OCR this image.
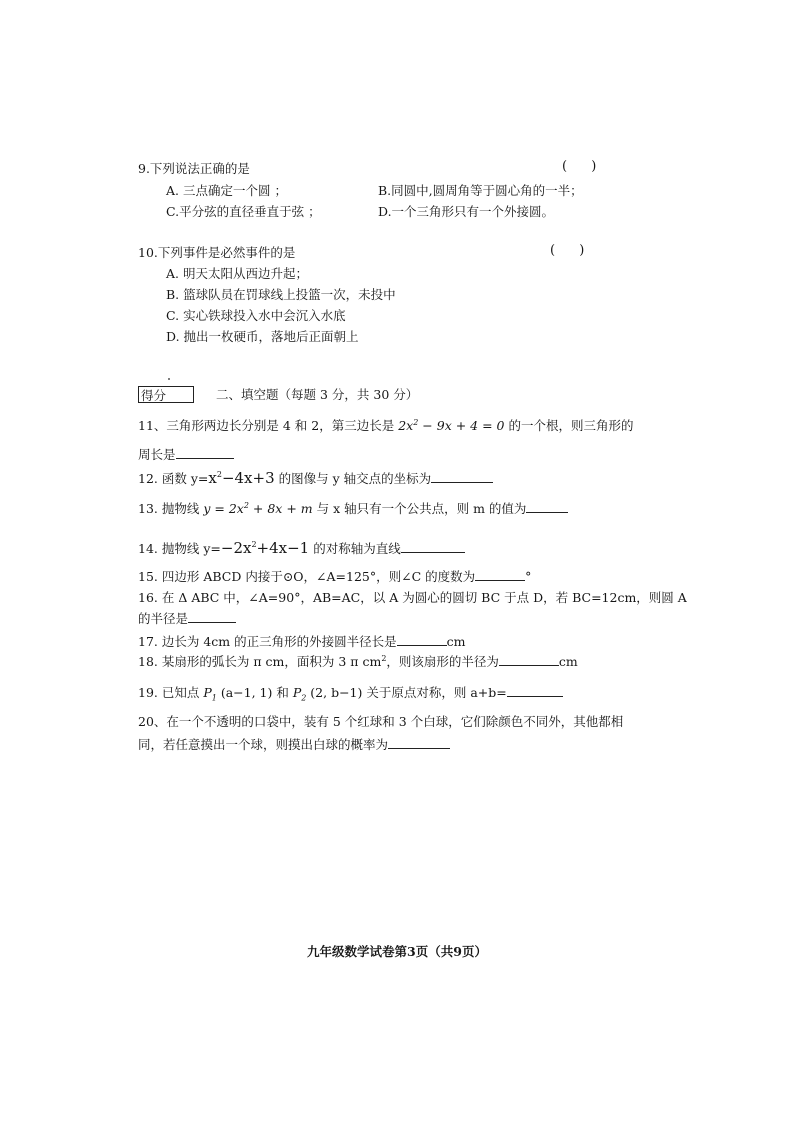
9.下列说法正确的是	( )
A. 三点确定一个圆 ；	B.同圆中,圆周角等于圆心角的一半；
C.平分弦的直径垂直于弦 ；	D.一个三角形只有一个外接圆。
10.下列事件是必然事件的是	( )
A. 明天太阳从西边升起；
B. 篮球队员在罚球线上投篮一次，未投中
C. 实心铁球投入水中会沉入水底
D. 抛出一枚硬币，落地后正面朝上
得分	二、填空题（每题 3 分，共 30 分）
11、三角形两边长分别是 4 和 2，第三边长是 $2x^2 - 9x + 4 = 0$ 的一个根，则三角形的
周长是
12. 函数 $y=x^2-4x+3$ 的图像与 y 轴交点的坐标为
13. 抛物线 $y = 2x^2 + 8x + m$ 与 x 轴只有一个公共点，则 m 的值为
14. 抛物线 $y=-2x^2+4x-1$ 的对称轴为直线
15. 四边形 ABCD 内接于⊙O，∠A=125°，则∠C 的度数为	°
16. 在 Δ ABC 中，∠A=90°，AB=AC，以 A 为圆心的圆切 BC 于点 D，若 BC=12cm，则圆 A
的半径是
17. 边长为 4cm 的正三角形的外接圆半径长是	cm
18. 某扇形的弧长为 π cm，面积为 3 π $cm^2$，则该扇形的半径为	cm
19. 已知点 $P_1$ (a−1, 1) 和 $P_2$ (2, b−1) 关于原点对称，则 a+b=
20、在一个不透明的口袋中，装有 5 个红球和 3 个白球，它们除颜色不同外，其他都相
同，若任意摸出一个球，则摸出白球的概率为
九年级数学试卷第3页（共9页）
